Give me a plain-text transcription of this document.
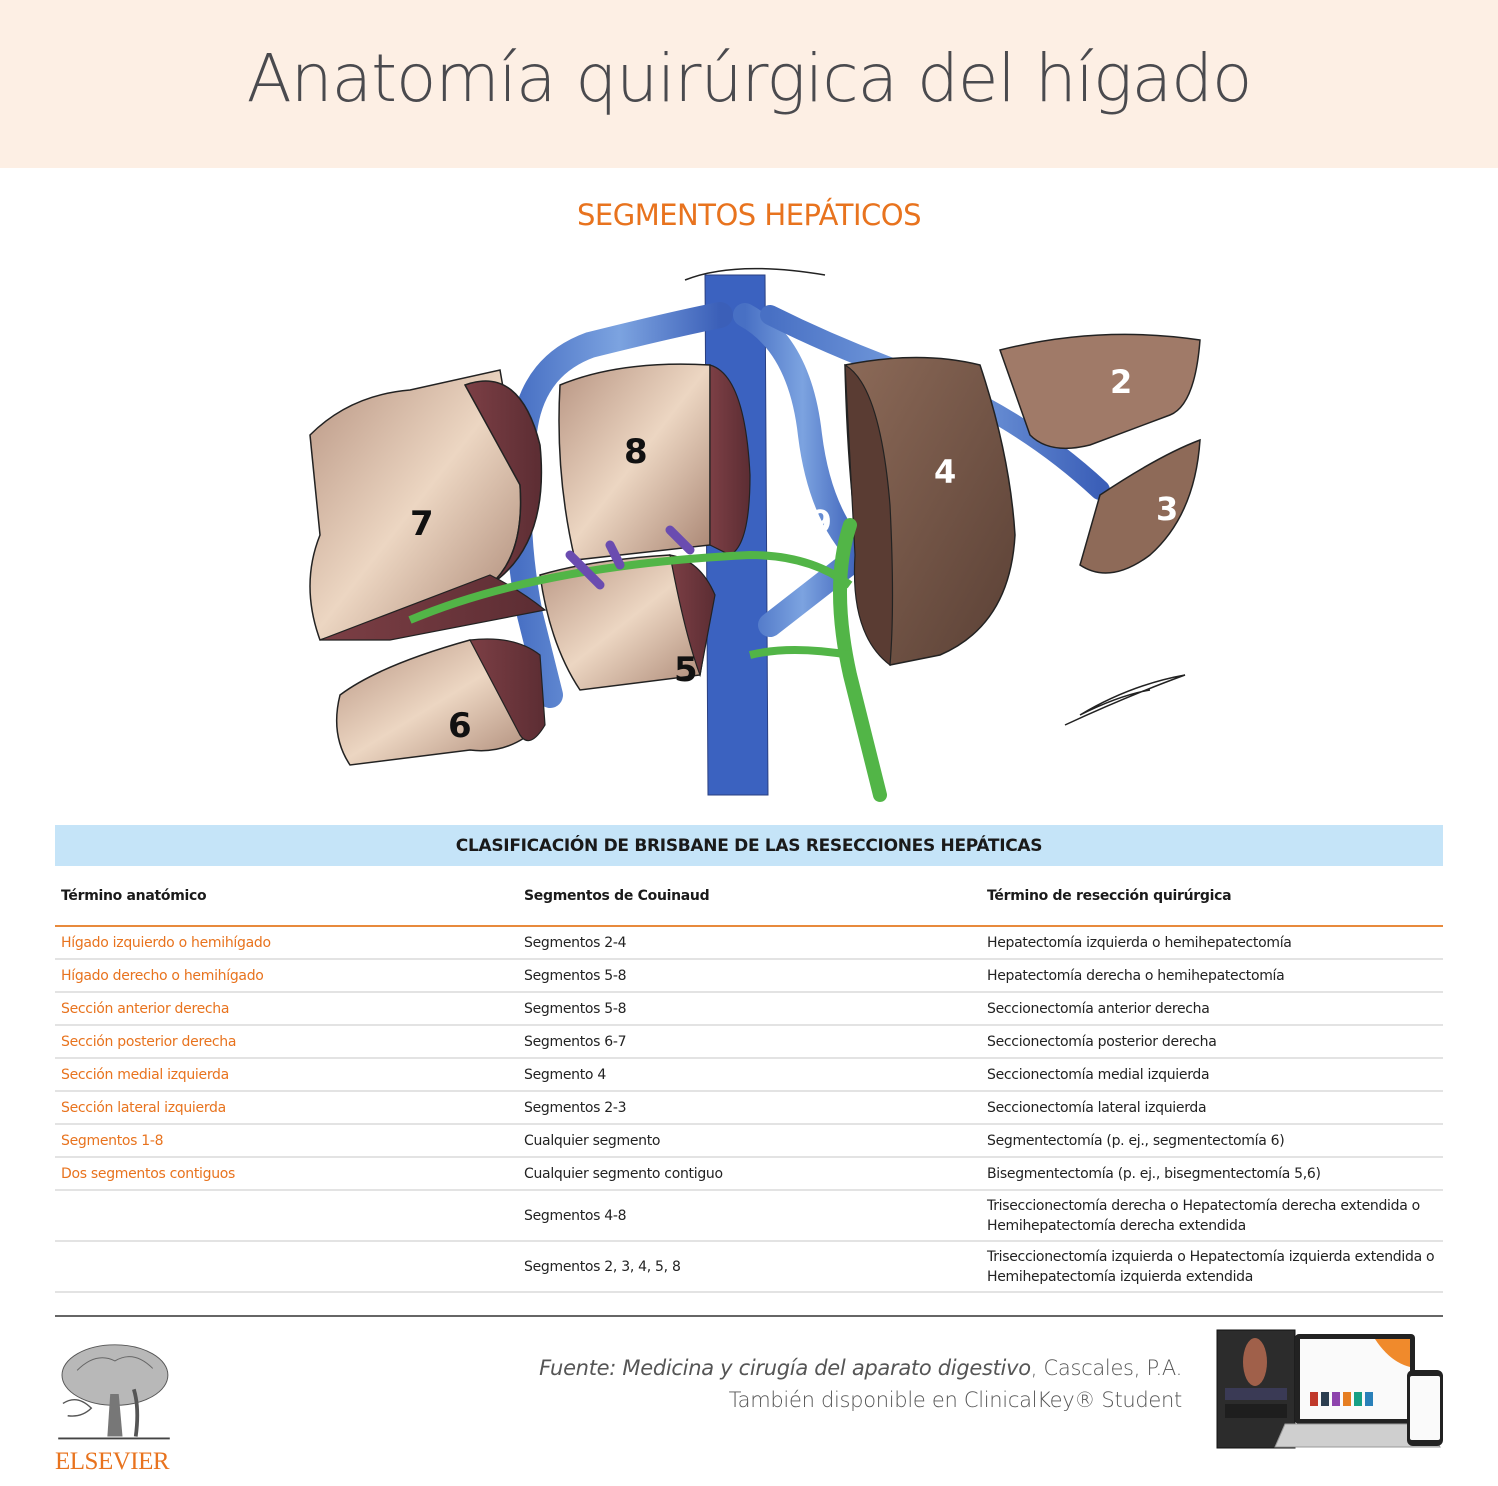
Anatomía quirúrgica del hígado
SEGMENTOS HEPÁTICOS
7
8
1, 9
4
2
3
5
6
CLASIFICACIÓN DE BRISBANE DE LAS RESECCIONES HEPÁTICAS
Término anatómico	Segmentos de Couinaud	Término de resección quirúrgica
Hígado izquierdo o hemihígado	Segmentos 2-4	Hepatectomía izquierda o hemihepatectomía
Hígado derecho o hemihígado	Segmentos 5-8	Hepatectomía derecha o hemihepatectomía
Sección anterior derecha	Segmentos 5-8	Seccionectomía anterior derecha
Sección posterior derecha	Segmentos 6-7	Seccionectomía posterior derecha
Sección medial izquierda	Segmento 4	Seccionectomía medial izquierda
Sección lateral izquierda	Segmentos 2-3	Seccionectomía lateral izquierda
Segmentos 1-8	Cualquier segmento	Segmentectomía (p. ej., segmentectomía 6)
Dos segmentos contiguos	Cualquier segmento contiguo	Bisegmentectomía (p. ej., bisegmentectomía 5,6)
	Segmentos 4-8	Triseccionectomía derecha o Hepatectomía derecha extendida o Hemihepatectomía derecha extendida
	Segmentos 2, 3, 4, 5, 8	Triseccionectomía izquierda o Hepatectomía izquierda extendida o Hemihepatectomía izquierda extendida
ELSEVIER
Fuente: Medicina y cirugía del aparato digestivo, Cascales, P.A.
También disponible en ClinicalKey® Student
